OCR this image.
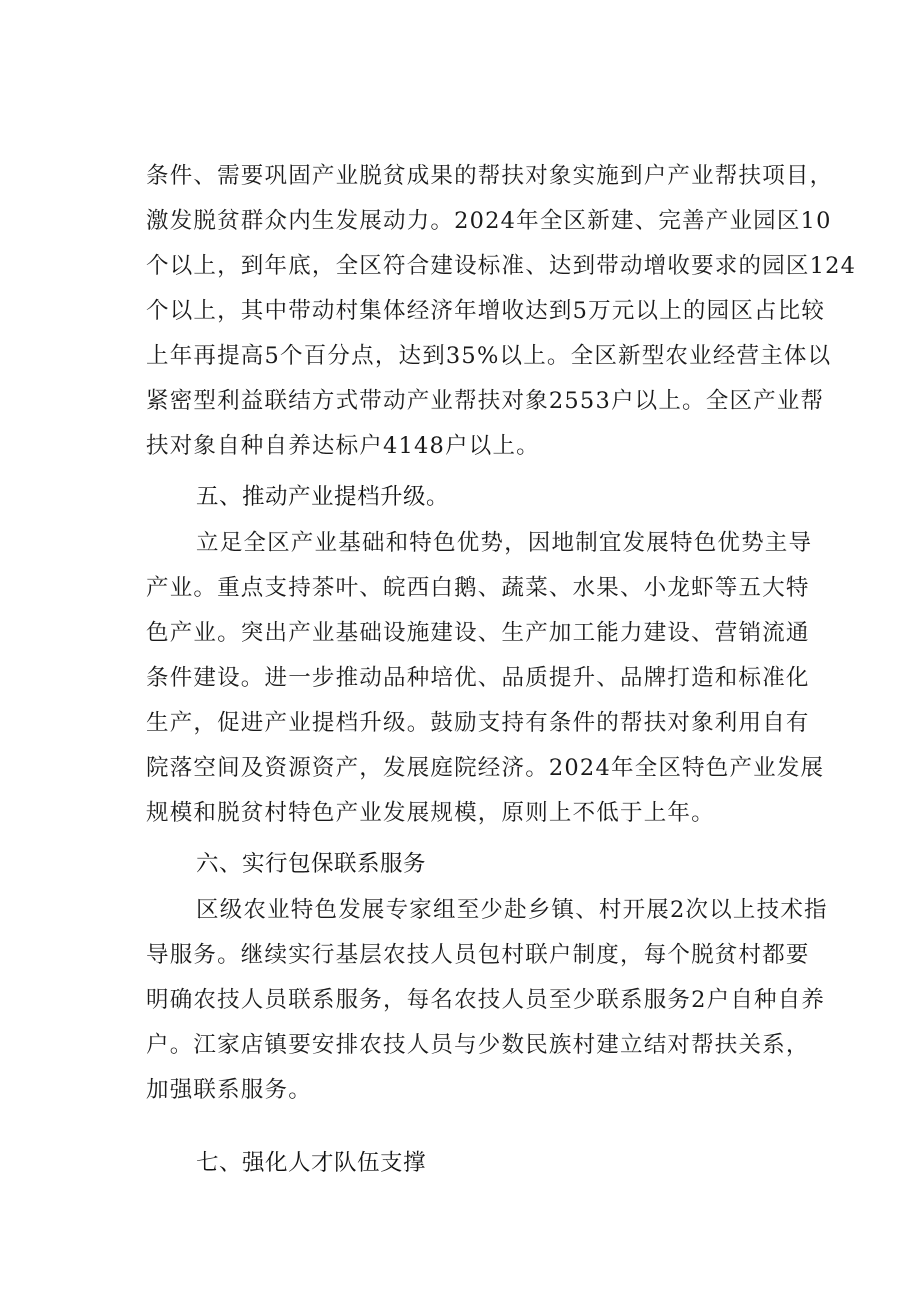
条件、需要巩固产业脱贫成果的帮扶对象实施到户产业帮扶项目，
激发脱贫群众内生发展动力。2024年全区新建、完善产业园区10
个以上，到年底，全区符合建设标准、达到带动增收要求的园区124
个以上，其中带动村集体经济年增收达到5万元以上的园区占比较
上年再提高5个百分点，达到35%以上。全区新型农业经营主体以
紧密型利益联结方式带动产业帮扶对象2553户以上。全区产业帮
扶对象自种自养达标户4148户以上。
五、推动产业提档升级。
立足全区产业基础和特色优势，因地制宜发展特色优势主导
产业。重点支持茶叶、皖西白鹅、蔬菜、水果、小龙虾等五大特
色产业。突出产业基础设施建设、生产加工能力建设、营销流通
条件建设。进一步推动品种培优、品质提升、品牌打造和标准化
生产，促进产业提档升级。鼓励支持有条件的帮扶对象利用自有
院落空间及资源资产，发展庭院经济。2024年全区特色产业发展
规模和脱贫村特色产业发展规模，原则上不低于上年。
六、实行包保联系服务
区级农业特色发展专家组至少赴乡镇、村开展2次以上技术指
导服务。继续实行基层农技人员包村联户制度，每个脱贫村都要
明确农技人员联系服务，每名农技人员至少联系服务2户自种自养
户。江家店镇要安排农技人员与少数民族村建立结对帮扶关系，
加强联系服务。
七、强化人才队伍支撑
